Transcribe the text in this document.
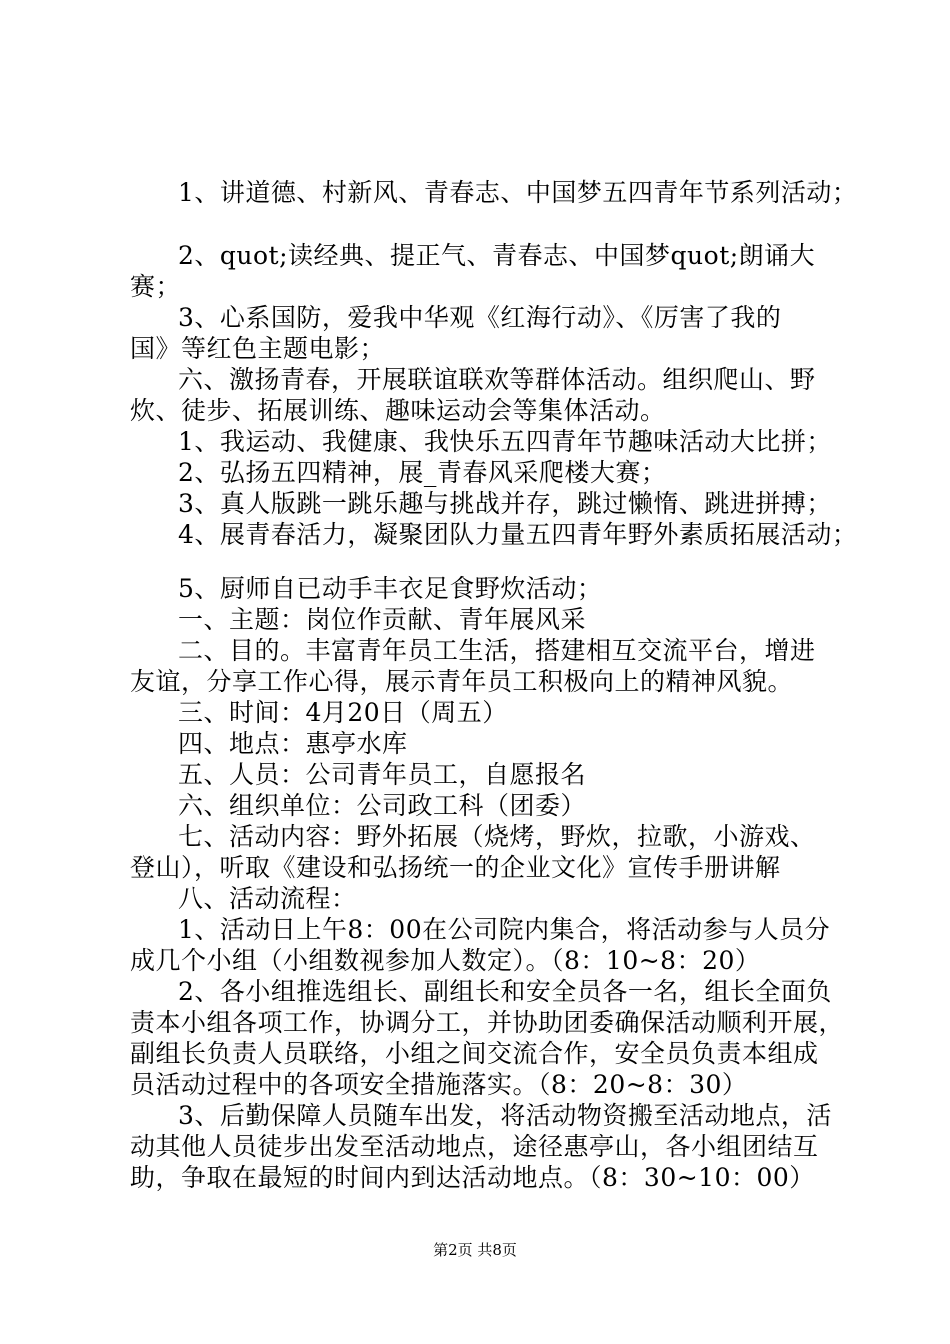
1、讲道德、村新风、青春志、中国梦五四青年节系列活动；
2、quot;读经典、提正气、青春志、中国梦quot;朗诵大
赛；
3、心系国防，爱我中华观《红海行动》、《厉害了我的
国》等红色主题电影；
六、激扬青春，开展联谊联欢等群体活动。组织爬山、野
炊、徒步、拓展训练、趣味运动会等集体活动。
1、我运动、我健康、我快乐五四青年节趣味活动大比拼；
2、弘扬五四精神，展_青春风采爬楼大赛；
3、真人版跳一跳乐趣与挑战并存，跳过懒惰、跳进拼搏；
4、展青春活力，凝聚团队力量五四青年野外素质拓展活动；
5、厨师自已动手丰衣足食野炊活动；
一、主题：岗位作贡献、青年展风采
二、目的。丰富青年员工生活，搭建相互交流平台，增进
友谊，分享工作心得，展示青年员工积极向上的精神风貌。
三、时间：4月20日（周五）
四、地点：惠亭水库
五、人员：公司青年员工，自愿报名
六、组织单位：公司政工科（团委）
七、活动内容：野外拓展（烧烤，野炊，拉歌，小游戏、
登山），听取《建设和弘扬统一的企业文化》宣传手册讲解
八、活动流程：
1、活动日上午8：00在公司院内集合，将活动参与人员分
成几个小组（小组数视参加人数定）。（8：10~8：20）
2、各小组推选组长、副组长和安全员各一名，组长全面负
责本小组各项工作，协调分工，并协助团委确保活动顺利开展，
副组长负责人员联络，小组之间交流合作，安全员负责本组成
员活动过程中的各项安全措施落实。（8：20~8：30）
3、后勤保障人员随车出发，将活动物资搬至活动地点，活
动其他人员徒步出发至活动地点，途径惠亭山，各小组团结互
助，争取在最短的时间内到达活动地点。（8：30~10：00）
第2页 共8页
